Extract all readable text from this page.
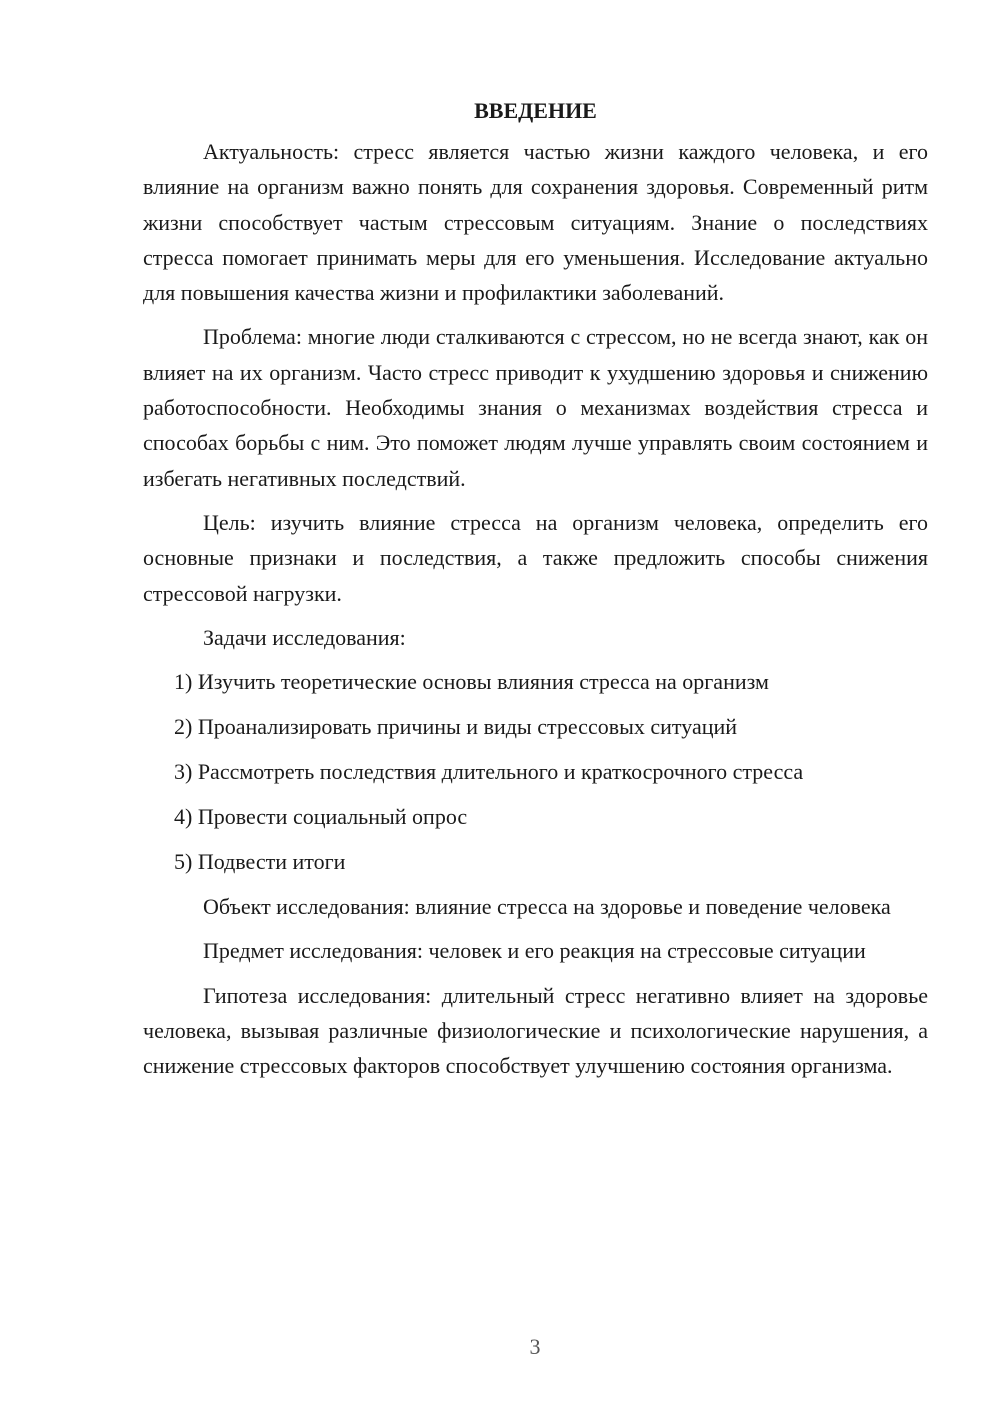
ВВЕДЕНИЕ

Актуальность: стресс является частью жизни каждого человека, и его влияние на организм важно понять для сохранения здоровья. Современный ритм жизни способствует частым стрессовым ситуациям. Знание о последствиях стресса помогает принимать меры для его уменьшения. Исследование актуально для повышения качества жизни и профилактики заболеваний.

Проблема: многие люди сталкиваются с стрессом, но не всегда знают, как он влияет на их организм. Часто стресс приводит к ухудшению здоровья и снижению работоспособности. Необходимы знания о механизмах воздействия стресса и способах борьбы с ним. Это поможет людям лучше управлять своим состоянием и избегать негативных последствий.

Цель: изучить влияние стресса на организм человека, определить его основные признаки и последствия, а также предложить способы снижения стрессовой нагрузки.

Задачи исследования:

1) Изучить теоретические основы влияния стресса на организм
2) Проанализировать причины и виды стрессовых ситуаций
3) Рассмотреть последствия длительного и краткосрочного стресса
4) Провести социальный опрос
5) Подвести итоги

Объект исследования: влияние стресса на здоровье и поведение человека

Предмет исследования: человек и его реакция на стрессовые ситуации

Гипотеза исследования: длительный стресс негативно влияет на здоровье человека, вызывая различные физиологические и психологические нарушения, а снижение стрессовых факторов способствует улучшению состояния организма.

3
